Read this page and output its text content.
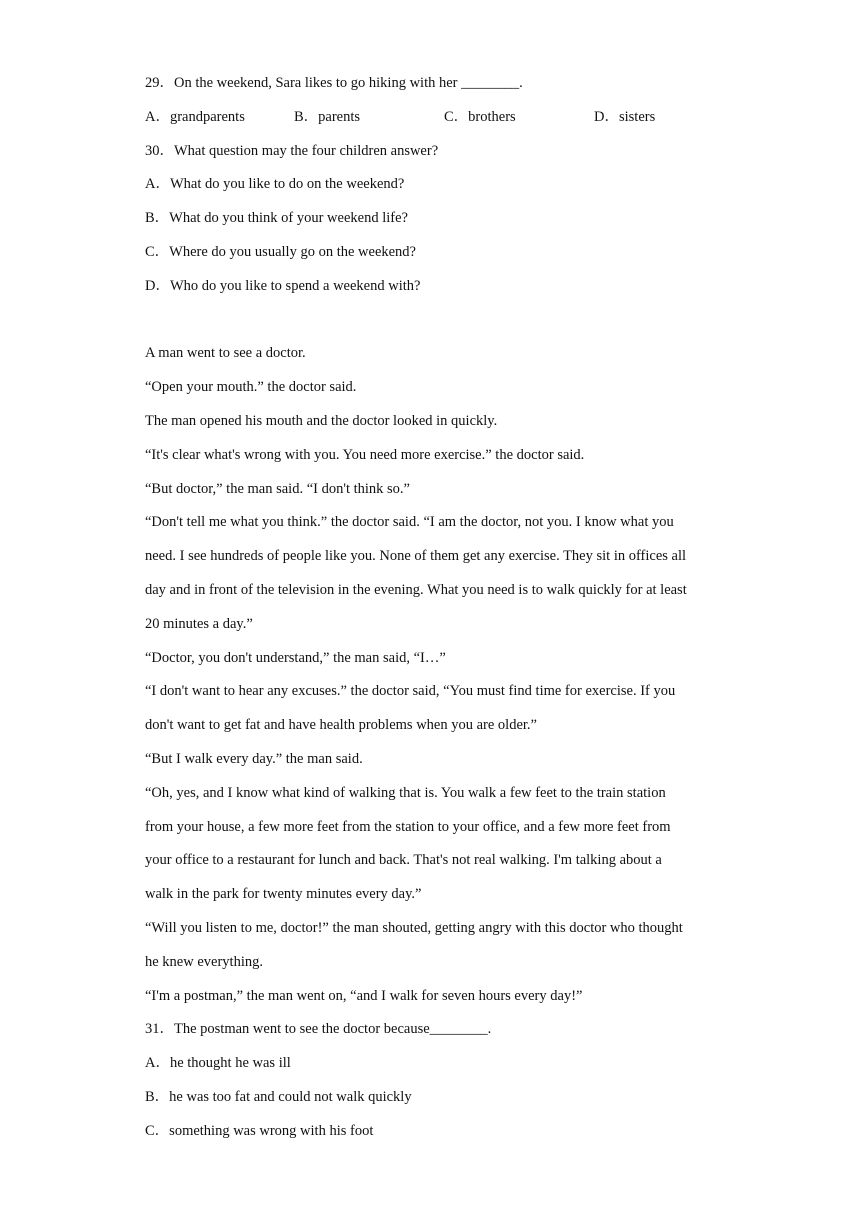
29．On the weekend, Sara likes to go hiking with her ________.
A．grandparents	B．parents	C．brothers	D．sisters
30．What question may the four children answer?
A．What do you like to do on the weekend?
B．What do you think of your weekend life?
C．Where do you usually go on the weekend?
D．Who do you like to spend a weekend with?
A man went to see a doctor.
“Open your mouth.” the doctor said.
The man opened his mouth and the doctor looked in quickly.
“It's clear what's wrong with you. You need more exercise.” the doctor said.
“But doctor,” the man said. “I don't think so.”
“Don't tell me what you think.” the doctor said. “I am the doctor, not you. I know what you
need. I see hundreds of people like you. None of them get any exercise. They sit in offices all
day and in front of the television in the evening. What you need is to walk quickly for at least
20 minutes a day.”
“Doctor, you don't understand,” the man said, “I…”
“I don't want to hear any excuses.” the doctor said, “You must find time for exercise. If you
don't want to get fat and have health problems when you are older.”
“But I walk every day.” the man said.
“Oh, yes, and I know what kind of walking that is. You walk a few feet to the train station
from your house, a few more feet from the station to your office, and a few more feet from
your office to a restaurant for lunch and back. That's not real walking. I'm talking about a
walk in the park for twenty minutes every day.”
“Will you listen to me, doctor!” the man shouted, getting angry with this doctor who thought
he knew everything.
“I'm a postman,” the man went on, “and I walk for seven hours every day!”
31．The postman went to see the doctor because________.
A．he thought he was ill
B．he was too fat and could not walk quickly
C．something was wrong with his foot
